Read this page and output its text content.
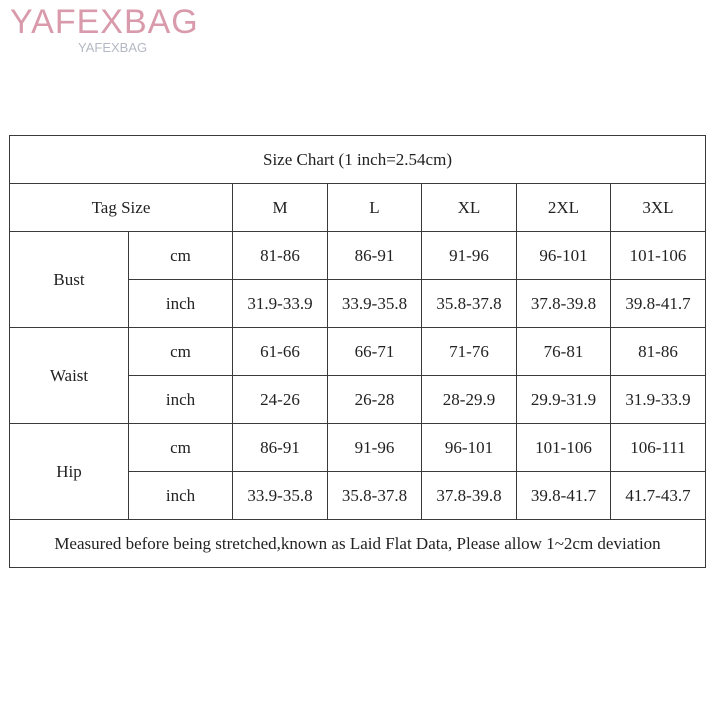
YAFEXBAG
YAFEXBAG
Size Chart (1 inch=2.54cm)						
Tag Size		M	L	XL	2XL	3XL
Bust	cm	81-86	86-91	91-96	96-101	101-106
	inch	31.9-33.9	33.9-35.8	35.8-37.8	37.8-39.8	39.8-41.7
Waist	cm	61-66	66-71	71-76	76-81	81-86
	inch	24-26	26-28	28-29.9	29.9-31.9	31.9-33.9
Hip	cm	86-91	91-96	96-101	101-106	106-111
	inch	33.9-35.8	35.8-37.8	37.8-39.8	39.8-41.7	41.7-43.7
Measured before being stretched,known as Laid Flat Data, Please allow 1~2cm deviation						
